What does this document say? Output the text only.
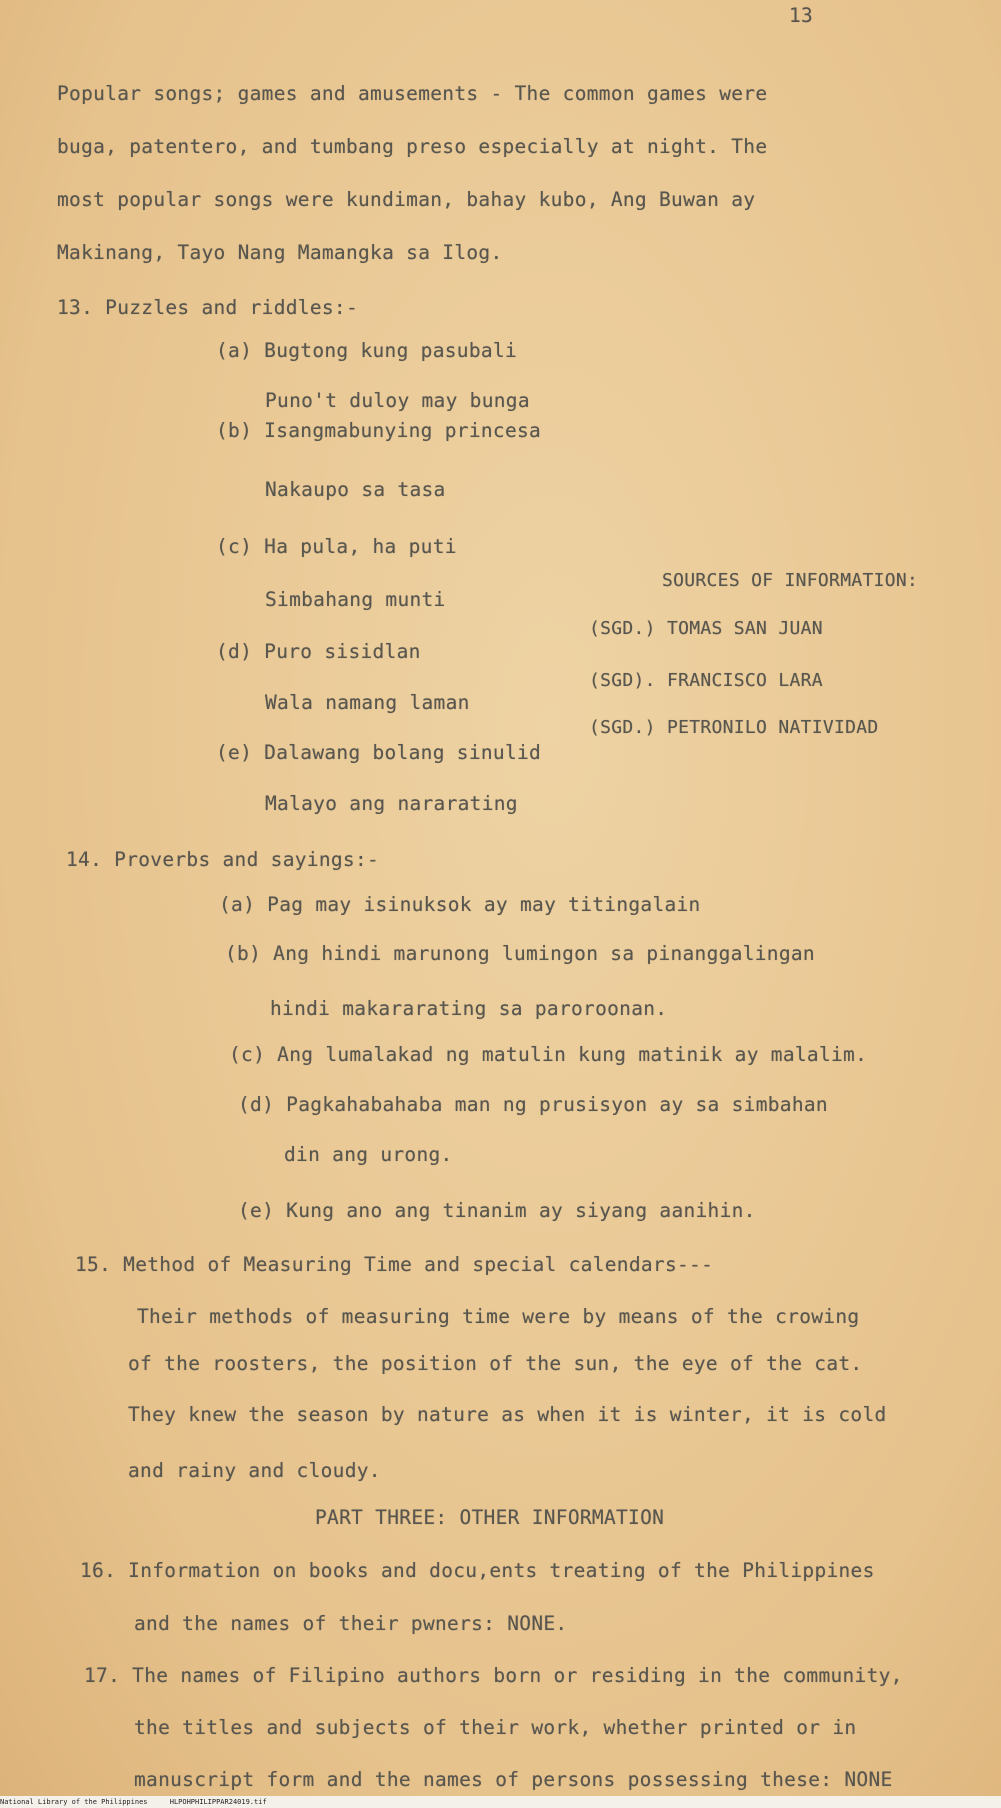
13
Popular songs; games and amusements - The common games were
buga, patentero, and tumbang preso especially at night. The
most popular songs were kundiman, bahay kubo, Ang Buwan ay
Makinang, Tayo Nang Mamangka sa Ilog.
13. Puzzles and riddles:-
(a) Bugtong kung pasubali
Puno't duloy may bunga
(b) Isangmabunying princesa
Nakaupo sa tasa
(c) Ha pula, ha puti
Simbahang munti
(d) Puro sisidlan
Wala namang laman
(e) Dalawang bolang sinulid
Malayo ang nararating
SOURCES OF INFORMATION:
(SGD.) TOMAS SAN JUAN
(SGD). FRANCISCO LARA
(SGD.) PETRONILO NATIVIDAD
14. Proverbs and sayings:-
(a) Pag may isinuksok ay may titingalain
(b) Ang hindi marunong lumingon sa pinanggalingan
hindi makararating sa paroroonan.
(c) Ang lumalakad ng matulin kung matinik ay malalim.
(d) Pagkahabahaba man ng prusisyon ay sa simbahan
din ang urong.
(e) Kung ano ang tinanim ay siyang aanihin.
15. Method of Measuring Time and special calendars---
Their methods of measuring time were by means of the crowing
of the roosters, the position of the sun, the eye of the cat.
They knew the season by nature as when it is winter, it is cold
and rainy and cloudy.
PART THREE: OTHER INFORMATION
16. Information on books and docu,ents treating of the Philippines
and the names of their pwners: NONE.
17. The names of Filipino authors born or residing in the community,
the titles and subjects of their work, whether printed or in
manuscript form and the names of persons possessing these: NONE
National Library of the Philippines	HLPOHPHILIPPAR24019.tif
